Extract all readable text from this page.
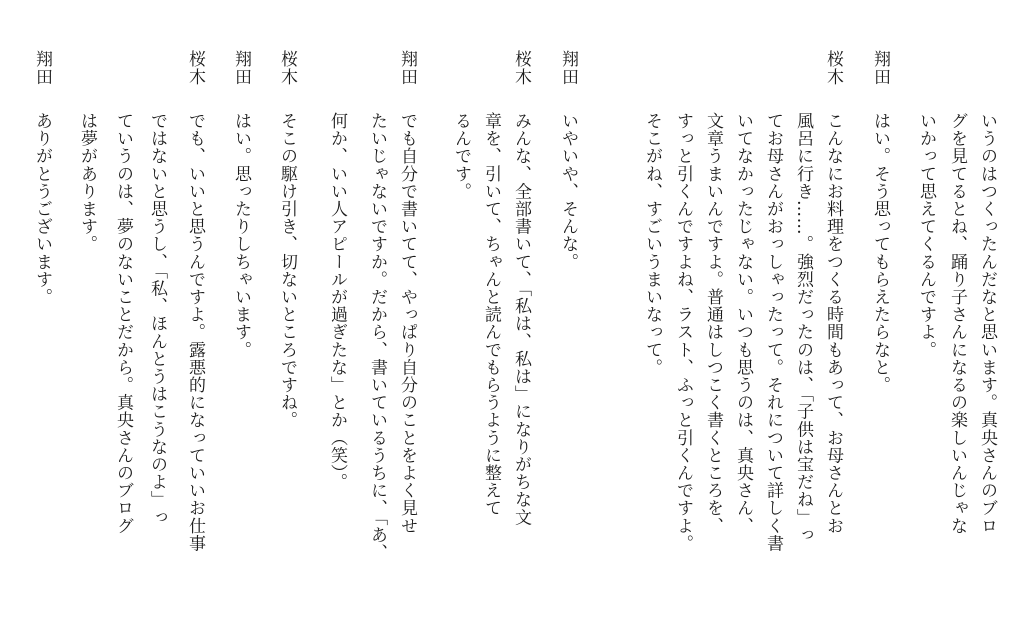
いうのはつくったんだなと思います。真央さんのブロ
グを見てるとね、踊り子さんになるの楽しいんじゃな
いかって思えてくるんですよ。
翔田
はい。そう思ってもらえたらなと。
桜木
こんなにお料理をつくる時間もあって、お母さんとお
風呂に行き……。強烈だったのは、「子供は宝だね」っ
てお母さんがおっしゃったって。それについて詳しく書
いてなかったじゃない。いつも思うのは、真央さん、
文章うまいんですよ。普通はしつこく書くところを、
すっと引くんですよね、ラスト、ふっと引くんですよ。
そこがね、すごいうまいなって。
翔田
いやいや、そんな。
桜木
みんな、全部書いて、「私は、私は」になりがちな文
章を、引いて、ちゃんと読んでもらうように整えて
るんです。
翔田
でも自分で書いてて、やっぱり自分のことをよく見せ
たいじゃないですか。だから、書いているうちに、「あ、
何か、いい人アピールが過ぎたな」とか（笑）。
桜木
そこの駆け引き、切ないところですね。
翔田
はい。思ったりしちゃいます。
桜木
でも、いいと思うんですよ。露悪的になっていいお仕事
ではないと思うし、「私、ほんとうはこうなのよ」っ
ていうのは、夢のないことだから。真央さんのブログ
は夢があります。
翔田
ありがとうございます。
